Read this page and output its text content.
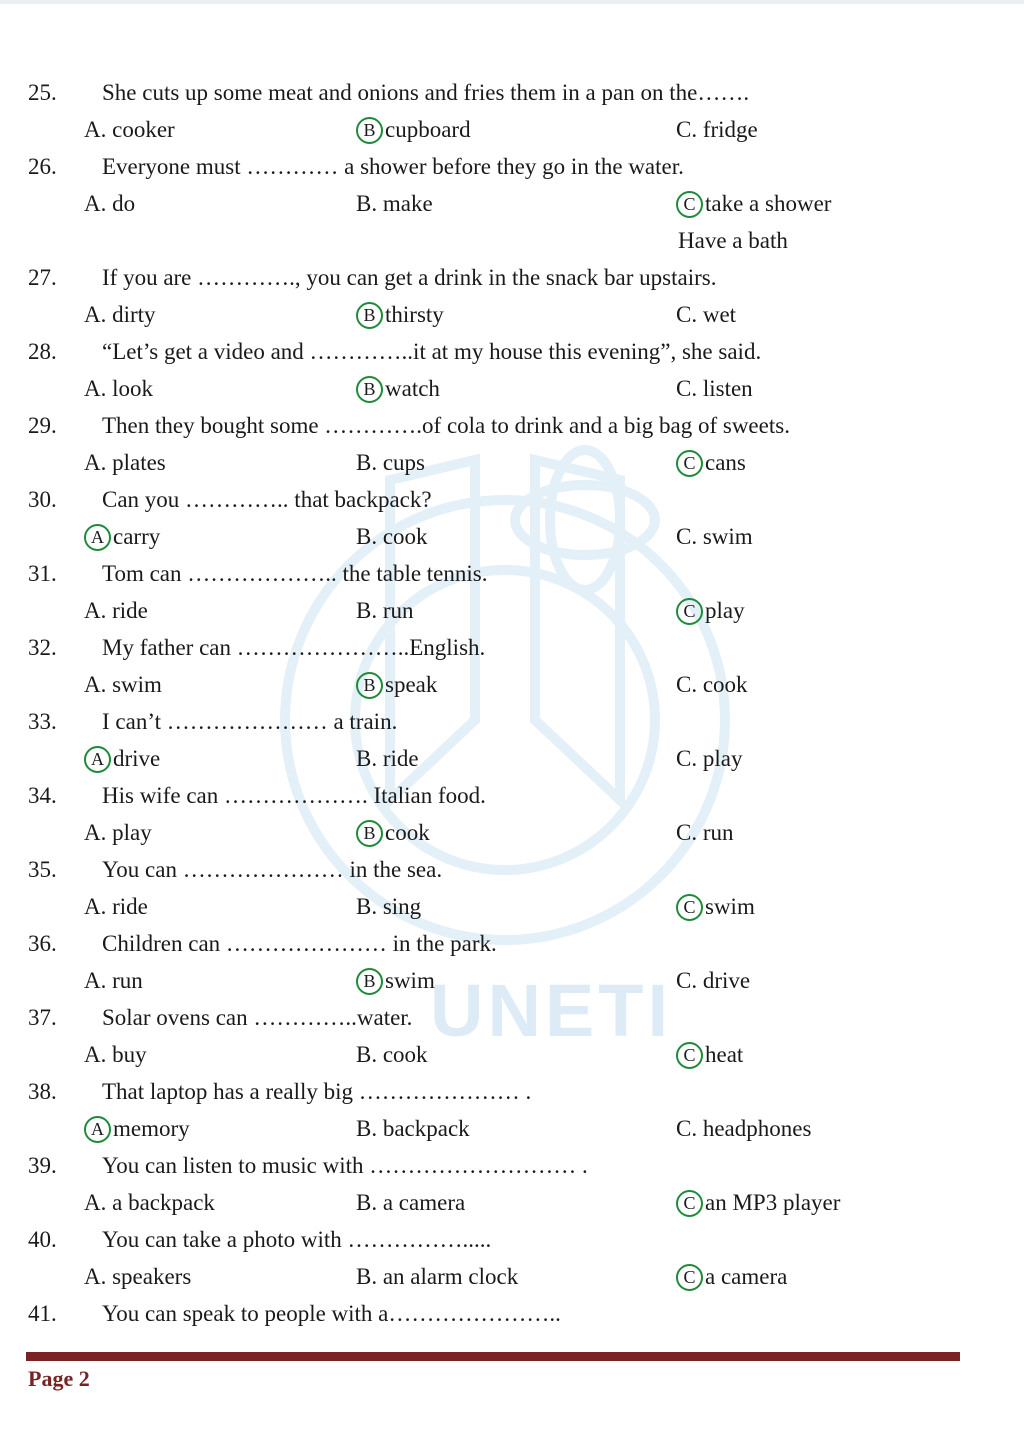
UNETI
25. She cuts up some meat and onions and fries them in a pan on the…….
A. cooker	B cupboard	C. fridge
26. Everyone must ………… a shower before they go in the water.
A. do	B. make	C take a shower
Have a bath
27. If you are …………., you can get a drink in the snack bar upstairs.
A. dirty	B thirsty	C. wet
28. “Let’s get a video and …………..it at my house this evening”, she said.
A. look	B watch	C. listen
29. Then they bought some ………….of cola to drink and a big bag of sweets.
A. plates	B. cups	C cans
30. Can you ………….. that backpack?
A carry	B. cook	C. swim
31. Tom can ……………….. the table tennis.
A. ride	B. run	C play
32. My father can …………………..English.
A. swim	B speak	C. cook
33. I can’t ………………… a train.
A drive	B. ride	C. play
34. His wife can ………………. Italian food.
A. play	B cook	C. run
35. You can ………………… in the sea.
A. ride	B. sing	C swim
36. Children can ………………… in the park.
A. run	B swim	C. drive
37. Solar ovens can …………..water.
A. buy	B. cook	C heat
38. That laptop has a really big ………………… .
A memory	B. backpack	C. headphones
39. You can listen to music with ……………………… .
A. a backpack	B. a camera	C an MP3 player
40. You can take a photo with …………….....
A. speakers	B. an alarm clock	C a camera
41. You can speak to people with a…………………..
Page 2
